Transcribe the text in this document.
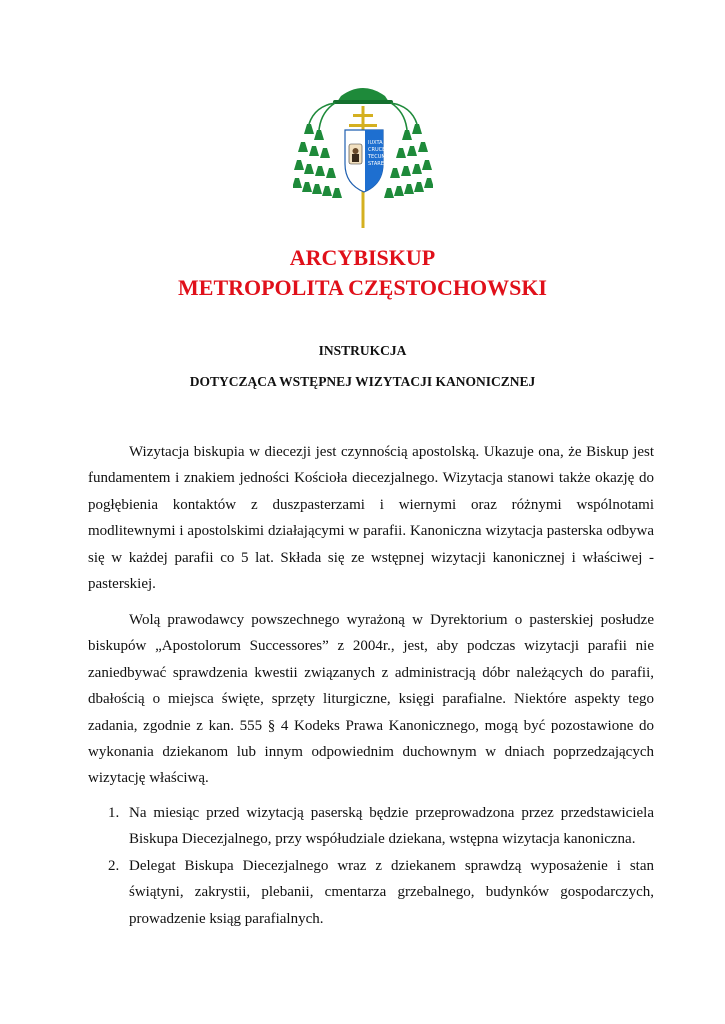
IUXTA
CRUCEM
TECUM
STARE
ARCYBISKUP
METROPOLITA CZĘSTOCHOWSKI
INSTRUKCJA
DOTYCZĄCA WSTĘPNEJ WIZYTACJI KANONICZNEJ

Wizytacja biskupia w diecezji jest czynnością apostolską. Ukazuje ona, że Biskup jest fundamentem i znakiem jedności Kościoła diecezjalnego. Wizytacja stanowi także okazję do pogłębienia kontaktów z duszpasterzami i wiernymi oraz różnymi wspólnotami modlitewnymi i apostolskimi działającymi w parafii. Kanoniczna wizytacja pasterska odbywa się w każdej parafii co 5 lat. Składa się ze wstępnej wizytacji kanonicznej i właściwej - pasterskiej.

Wolą prawodawcy powszechnego wyrażoną w Dyrektorium o pasterskiej posłudze biskupów „Apostolorum Successores” z 2004r., jest, aby podczas wizytacji parafii nie zaniedbywać sprawdzenia kwestii związanych z administracją dóbr należących do parafii, dbałością o miejsca święte, sprzęty liturgiczne, księgi parafialne. Niektóre aspekty tego zadania, zgodnie z kan. 555 § 4 Kodeks Prawa Kanonicznego, mogą być pozostawione do wykonania dziekanom lub innym odpowiednim duchownym w dniach poprzedzających wizytację właściwą.

1. Na miesiąc przed wizytacją paserską będzie przeprowadzona przez przedstawiciela Biskupa Diecezjalnego, przy współudziale dziekana, wstępna wizytacja kanoniczna.
2. Delegat Biskupa Diecezjalnego wraz z dziekanem sprawdzą wyposażenie i stan świątyni, zakrystii, plebanii, cmentarza grzebalnego, budynków gospodarczych, prowadzenie ksiąg parafialnych.
